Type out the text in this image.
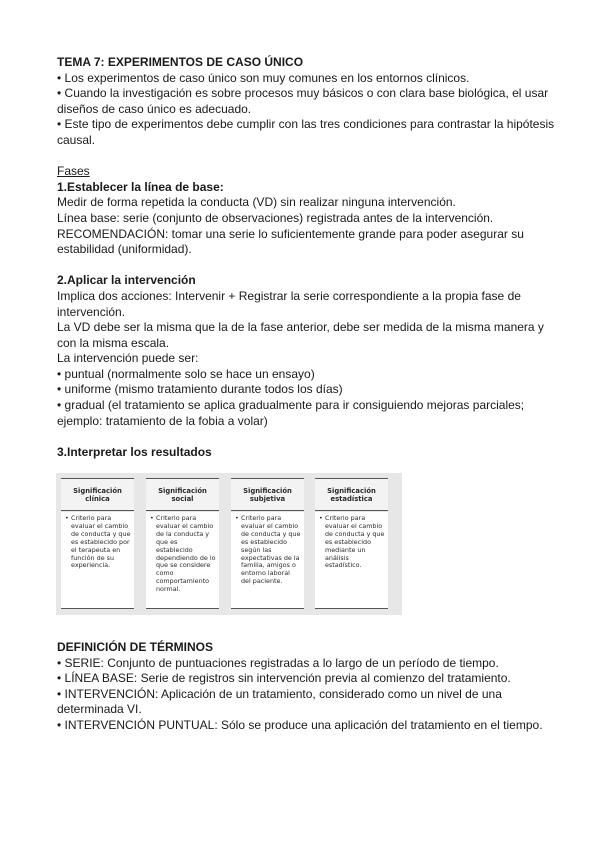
TEMA 7: EXPERIMENTOS DE CASO ÚNICO

• Los experimentos de caso único son muy comunes en los entornos clínicos.

• Cuando la investigación es sobre procesos muy básicos o con clara base biológica, el usar diseños de caso único es adecuado.

• Este tipo de experimentos debe cumplir con las tres condiciones para contrastar la hipótesis causal.

Fases

1.Establecer la línea de base:

Medir de forma repetida la conducta (VD) sin realizar ninguna intervención.

Línea base: serie (conjunto de observaciones) registrada antes de la intervención.

RECOMENDACIÓN: tomar una serie lo suficientemente grande para poder asegurar su estabilidad (uniformidad).

2.Aplicar la intervención

Implica dos acciones: Intervenir + Registrar la serie correspondiente a la propia fase de intervención.

La VD debe ser la misma que la de la fase anterior, debe ser medida de la misma manera y con la misma escala.

La intervención puede ser:

• puntual (normalmente solo se hace un ensayo)

• uniforme (mismo tratamiento durante todos los días)

• gradual (el tratamiento se aplica gradualmente para ir consiguiendo mejoras parciales; ejemplo: tratamiento de la fobia a volar)

3.Interpretar los resultados

Significación clínica
• Criterio para evaluar el cambio de conducta y que es establecido por el terapeuta en función de su experiencia.
Significación social
• Criterio para evaluar el cambio de la conducta y que es establecido dependiendo de lo que se considere como comportamiento normal.
Significación subjetiva
• Criterio para evaluar el cambio de conducta y que es establecido según las expectativas de la familia, amigos o entorno laboral del paciente.
Significación estadística
• Criterio para evaluar el cambio de conducta y que es establecido mediante un análisis estadístico.

DEFINICIÓN DE TÉRMINOS

• SERIE: Conjunto de puntuaciones registradas a lo largo de un período de tiempo.

• LÍNEA BASE: Serie de registros sin intervención previa al comienzo del tratamiento.

• INTERVENCIÓN: Aplicación de un tratamiento, considerado como un nivel de una determinada VI.

• INTERVENCIÓN PUNTUAL: Sólo se produce una aplicación del tratamiento en el tiempo.
